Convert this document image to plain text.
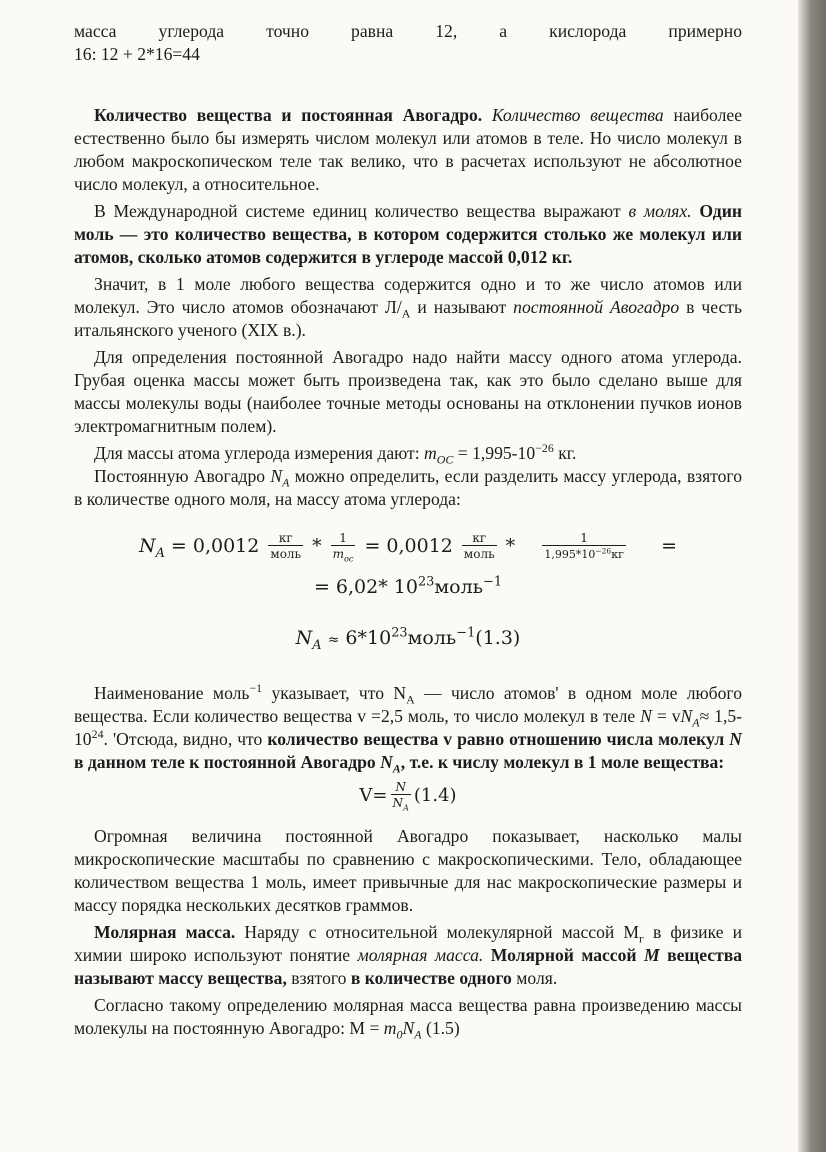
масса углерода точно равна 12, а кислорода примерно

16: 12 + 2*16=44

Количество вещества и постоянная Авогадро. Количество вещества наиболее естественно было бы измерять числом молекул или атомов в теле. Но число молекул в любом макроскопическом теле так велико, что в расчетах используют не абсолютное число молекул, а относительное.

В Международной системе единиц количество вещества выражают в молях. Один моль — это количество вещества, в котором содержится столько же молекул или атомов, сколько атомов содержится в углероде массой 0,012 кг.

Значит, в 1 моле любого вещества содержится одно и то же число атомов или молекул. Это число атомов обозначают $Л/_А$ и называют постоянной Авогадро в честь итальянского ученого (XIX в.).

Для определения постоянной Авогадро надо найти массу одного атома углерода. Грубая оценка массы может быть произведена так, как это было сделано выше для массы молекулы воды (наиболее точные методы основаны на отклонении пучков ионов электромагнитным полем).

Для массы атома углерода измерения дают: $m_{OC} = 1,995-10^{-26}$ кг.

Постоянную Авогадро $N_A$ можно определить, если разделить массу углерода, взятого в количестве одного моля, на массу атома углерода:

$N_A = 0,0012 \frac{кг}{\text{моль}} * \frac{1}{m_{oc}} = 0,0012 \frac{кг}{\text{моль}} * \frac{1}{1,995*10^{-26}кг}$ =
= 6,02* $10^{23}моль^{-1}$
$N_A$ ≈ $6*10^{23}моль^{-1}(1.3)$

Наименование моль$^{-1}$ указывает, что $N_A$ — число атомов' в одном моле любого вещества. Если количество вещества v =2,5 моль, то число молекул в теле $N = vN_A\approx 1,5-10^{24}$. 'Отсюда, видно, что количество вещества v равно отношению числа молекул N в данном теле к постоянной Авогадро $N_A$, т.е. к числу молекул в 1 моле вещества:

$V= \frac{N}{N_A} (1.4)$

Огромная величина постоянной Авогадро показывает, насколько малы микроскопические масштабы по сравнению с макроскопическими. Тело, обладающее количеством вещества 1 моль, имеет привычные для нас макроскопические размеры и массу порядка нескольких десятков граммов.

Молярная масса. Наряду с относительной молекулярной массой $M_г$ в физике и химии широко используют понятие молярная масса. Молярной массой M вещества называют массу вещества, взятого в количестве одного моля.

Согласно такому определению молярная масса вещества равна произведению массы молекулы на постоянную Авогадро: $М = m_0N_A$ (1.5)
